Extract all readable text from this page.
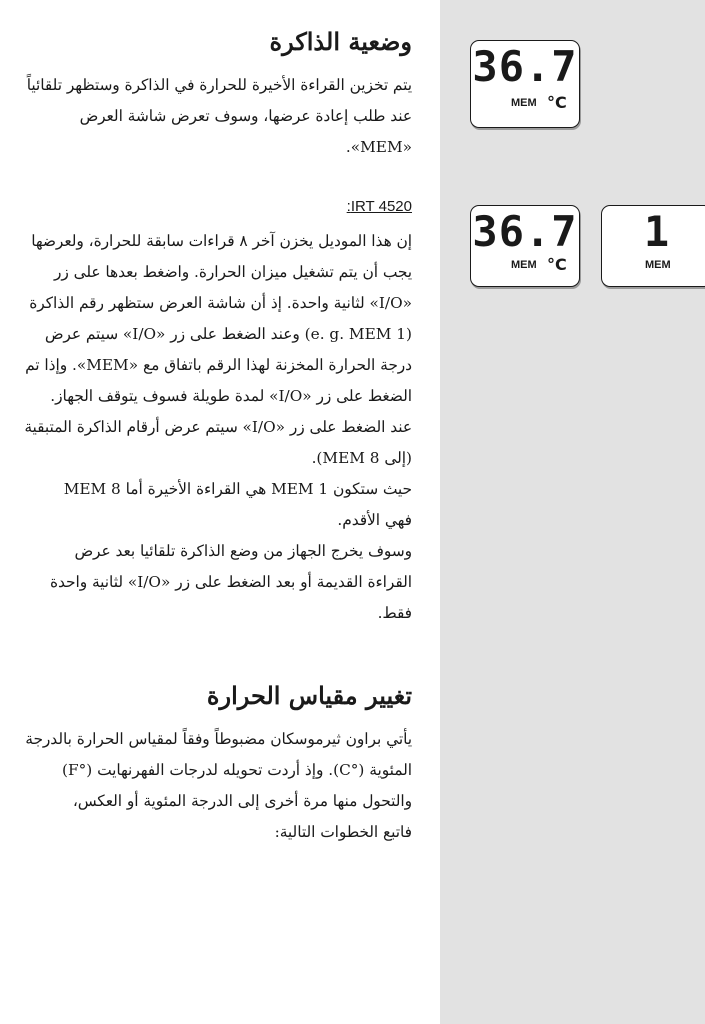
وضعية الذاكرة
يتم تخزين القراءة الأخيرة للحرارة في الذاكرة وستظهر تلقائياً
عند طلب إعادة عرضها، وسوف تعرض شاشة العرض
«MEM».
IRT 4520:
إن هذا الموديل يخزن آخر ٨ قراءات سابقة للحرارة، ولعرضها
يجب أن يتم تشغيل ميزان الحرارة. واضغط بعدها على زر
«I/O» لثانية واحدة. إذ أن شاشة العرض ستظهر رقم الذاكرة
(e. g. MEM 1) وعند الضغط على زر «I/O» سيتم عرض
درجة الحرارة المخزنة لهذا الرقم باتفاق مع «MEM». وإذا تم
الضغط على زر «I/O» لمدة طويلة فسوف يتوقف الجهاز.
عند الضغط على زر «I/O» سيتم عرض أرقام الذاكرة المتبقية
(إلى MEM 8).
حيث ستكون MEM 1 هي القراءة الأخيرة أما MEM 8
فهي الأقدم.
وسوف يخرج الجهاز من وضع الذاكرة تلقائيا بعد عرض
القراءة القديمة أو بعد الضغط على زر «I/O» لثانية واحدة
فقط.
تغيير مقياس الحرارة
يأتي براون ثيرموسكان مضبوطاً وفقاً لمقياس الحرارة بالدرجة
المئوية (°C). وإذ أردت تحويله لدرجات الفهرنهايت (°F)
والتحول منها مرة أخرى إلى الدرجة المئوية أو العكس،
فاتبع الخطوات التالية:
36.7
MEM °C
36.7
MEM °C
1
MEM
